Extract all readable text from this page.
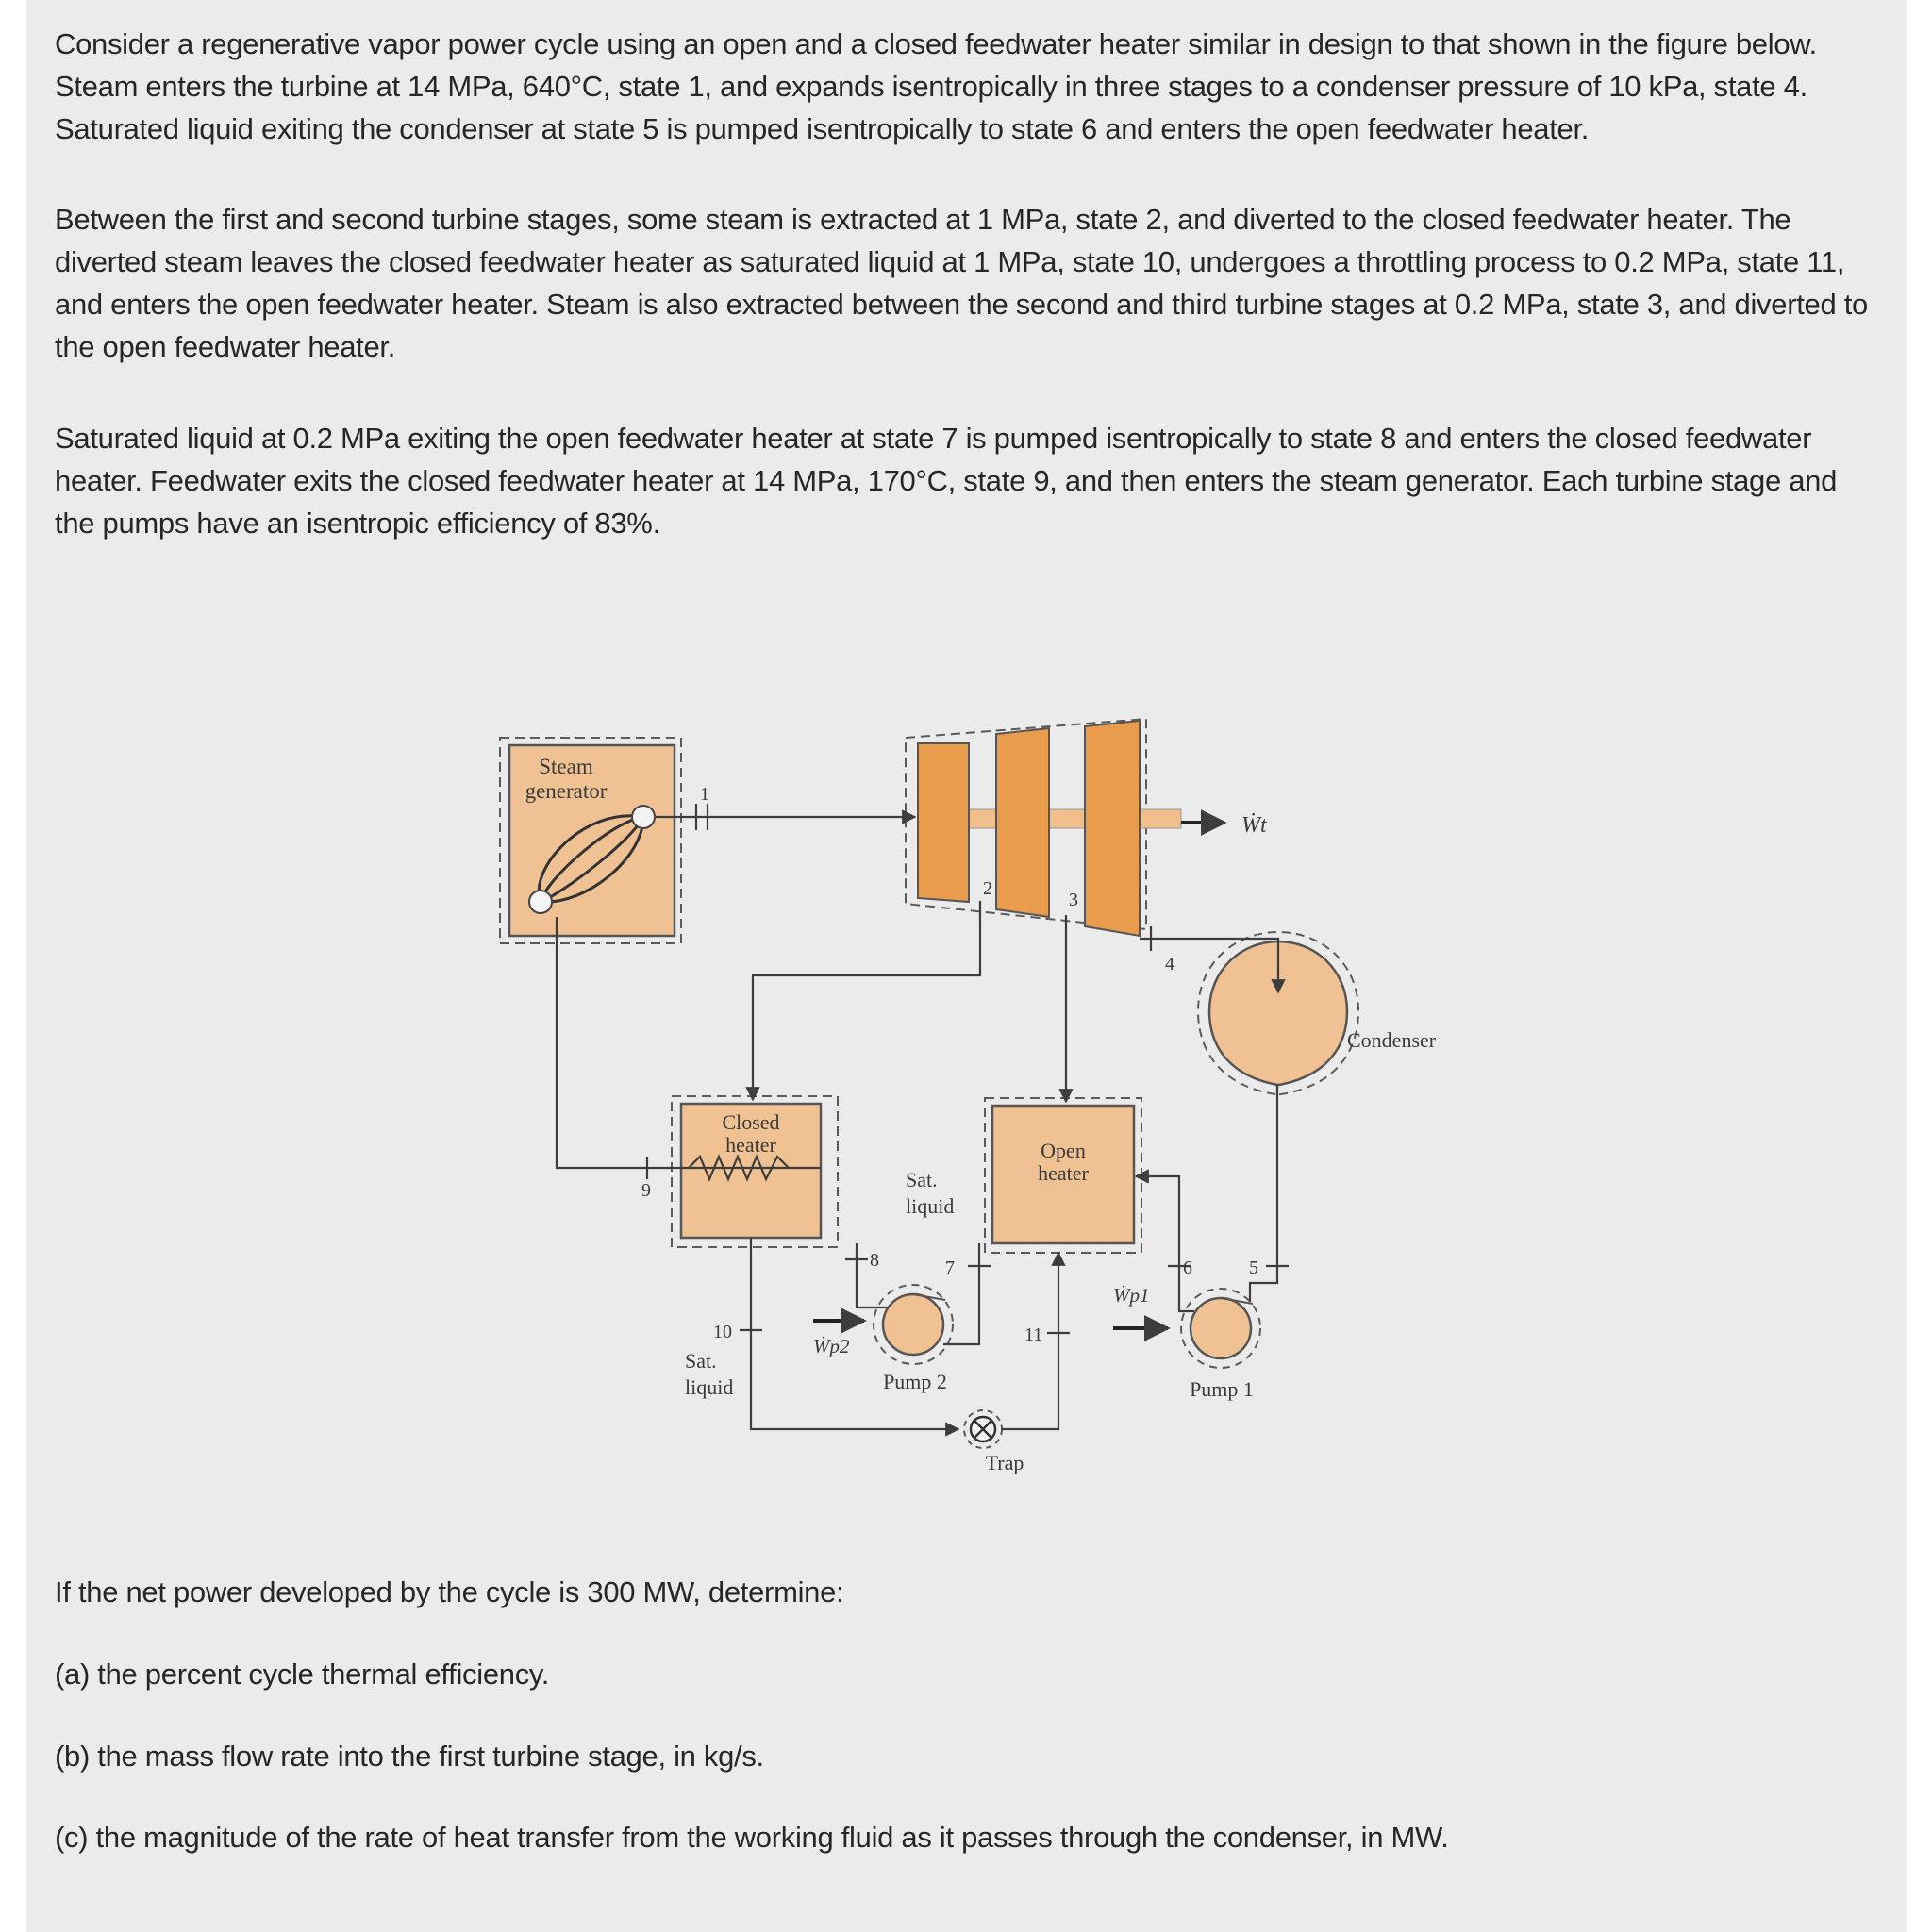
Consider a regenerative vapor power cycle using an open and a closed feedwater heater similar in design to that shown in the figure below. Steam enters the turbine at 14 MPa, 640°C, state 1, and expands isentropically in three stages to a condenser pressure of 10 kPa, state 4. Saturated liquid exiting the condenser at state 5 is pumped isentropically to state 6 and enters the open feedwater heater.

Between the first and second turbine stages, some steam is extracted at 1 MPa, state 2, and diverted to the closed feedwater heater. The diverted steam leaves the closed feedwater heater as saturated liquid at 1 MPa, state 10, undergoes a throttling process to 0.2 MPa, state 11, and enters the open feedwater heater. Steam is also extracted between the second and third turbine stages at 0.2 MPa, state 3, and diverted to the open feedwater heater.

Saturated liquid at 0.2 MPa exiting the open feedwater heater at state 7 is pumped isentropically to state 8 and enters the closed feedwater heater. Feedwater exits the closed feedwater heater at 14 MPa, 170°C, state 9, and then enters the steam generator. Each turbine stage and the pumps have an isentropic efficiency of 83%.

Steam
generator
Closed
heater	Open
heater
Condenser
Pump 1
Pump 2
Trap
Ẇt
Ẇp1
Ẇp2
Sat.
liquid
Sat.
liquid
1
2
3
4
5
6
7
8
9
10	11

If the net power developed by the cycle is 300 MW, determine:

(a) the percent cycle thermal efficiency.

(b) the mass flow rate into the first turbine stage, in kg/s.

(c) the magnitude of the rate of heat transfer from the working fluid as it passes through the condenser, in MW.
